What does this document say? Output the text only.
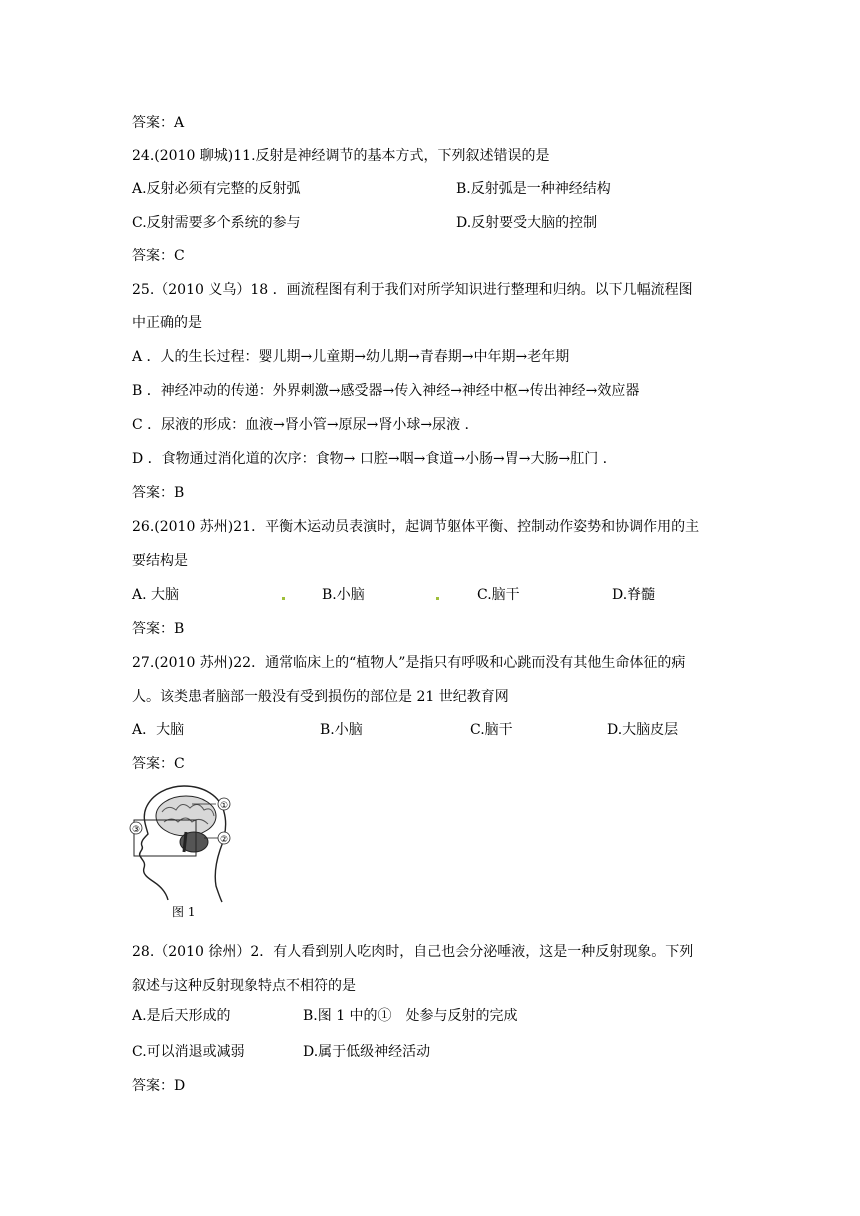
答案：A
24.(2010 聊城)11.反射是神经调节的基本方式，下列叙述错误的是
A.反射必须有完整的反射弧	B.反射弧是一种神经结构
C.反射需要多个系统的参与	D.反射要受大脑的控制
答案：C
25.（2010 义乌）18 ．画流程图有利于我们对所学知识进行整理和归纳。以下几幅流程图
中正确的是
A ．人的生长过程：婴儿期→儿童期→幼儿期→青春期→中年期→老年期
B ．神经冲动的传递：外界刺激→感受器→传入神经→神经中枢→传出神经→效应器
C ．尿液的形成：血液→肾小管→原尿→肾小球→尿液 .
D ．食物通过消化道的次序：食物→ 口腔→咽→食道→小肠→胃→大肠→肛门 .
答案：B
26.(2010 苏州)21．平衡木运动员表演时，起调节躯体平衡、控制动作姿势和协调作用的主
要结构是
A. 大脑	B.小脑	C.脑干	D.脊髓
答案：B
27.(2010 苏州)22．通常临床上的“植物人”是指只有呼吸和心跳而没有其他生命体征的病
人。该类患者脑部一般没有受到损伤的部位是 21 世纪教育网
A．大脑	B.小脑	C.脑干	D.大脑皮层
答案：C
①
②
③
图 1
28.（2010 徐州）2．有人看到别人吃肉时，自己也会分泌唾液，这是一种反射现象。下列
叙述与这种反射现象特点不相符的是
A.是后天形成的	B.图 1 中的①　处参与反射的完成
C.可以消退或减弱	D.属于低级神经活动
答案：D
